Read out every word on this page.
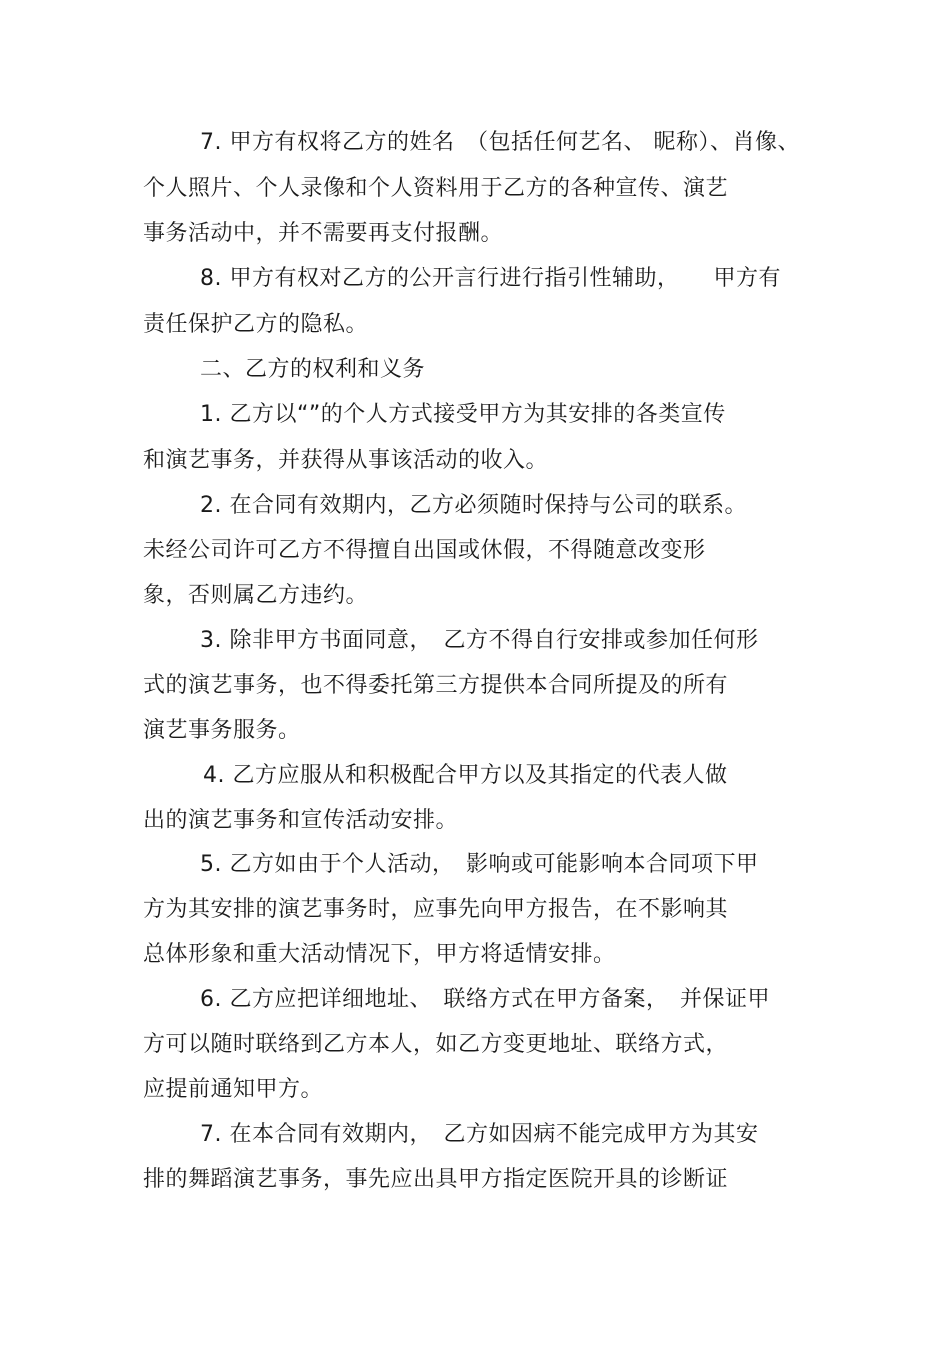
7. 甲方有权将乙方的姓名　（包括任何艺名、 昵称）、肖像、
个人照片、个人录像和个人资料用于乙方的各种宣传、演艺
事务活动中，并不需要再支付报酬。
8. 甲方有权对乙方的公开言行进行指引性辅助，　　甲方有
责任保护乙方的隐私。
二、乙方的权利和义务
1. 乙方以“”的个人方式接受甲方为其安排的各类宣传
和演艺事务，并获得从事该活动的收入。
2. 在合同有效期内，乙方必须随时保持与公司的联系。
未经公司许可乙方不得擅自出国或休假，不得随意改变形
象，否则属乙方违约。
3. 除非甲方书面同意，　乙方不得自行安排或参加任何形
式的演艺事务，也不得委托第三方提供本合同所提及的所有
演艺事务服务。
4. 乙方应服从和积极配合甲方以及其指定的代表人做
出的演艺事务和宣传活动安排。
5. 乙方如由于个人活动，　影响或可能影响本合同项下甲
方为其安排的演艺事务时，应事先向甲方报告，在不影响其
总体形象和重大活动情况下，甲方将适情安排。
6. 乙方应把详细地址、　联络方式在甲方备案，　并保证甲
方可以随时联络到乙方本人，如乙方变更地址、联络方式，
应提前通知甲方。
7. 在本合同有效期内，　乙方如因病不能完成甲方为其安
排的舞蹈演艺事务，事先应出具甲方指定医院开具的诊断证
